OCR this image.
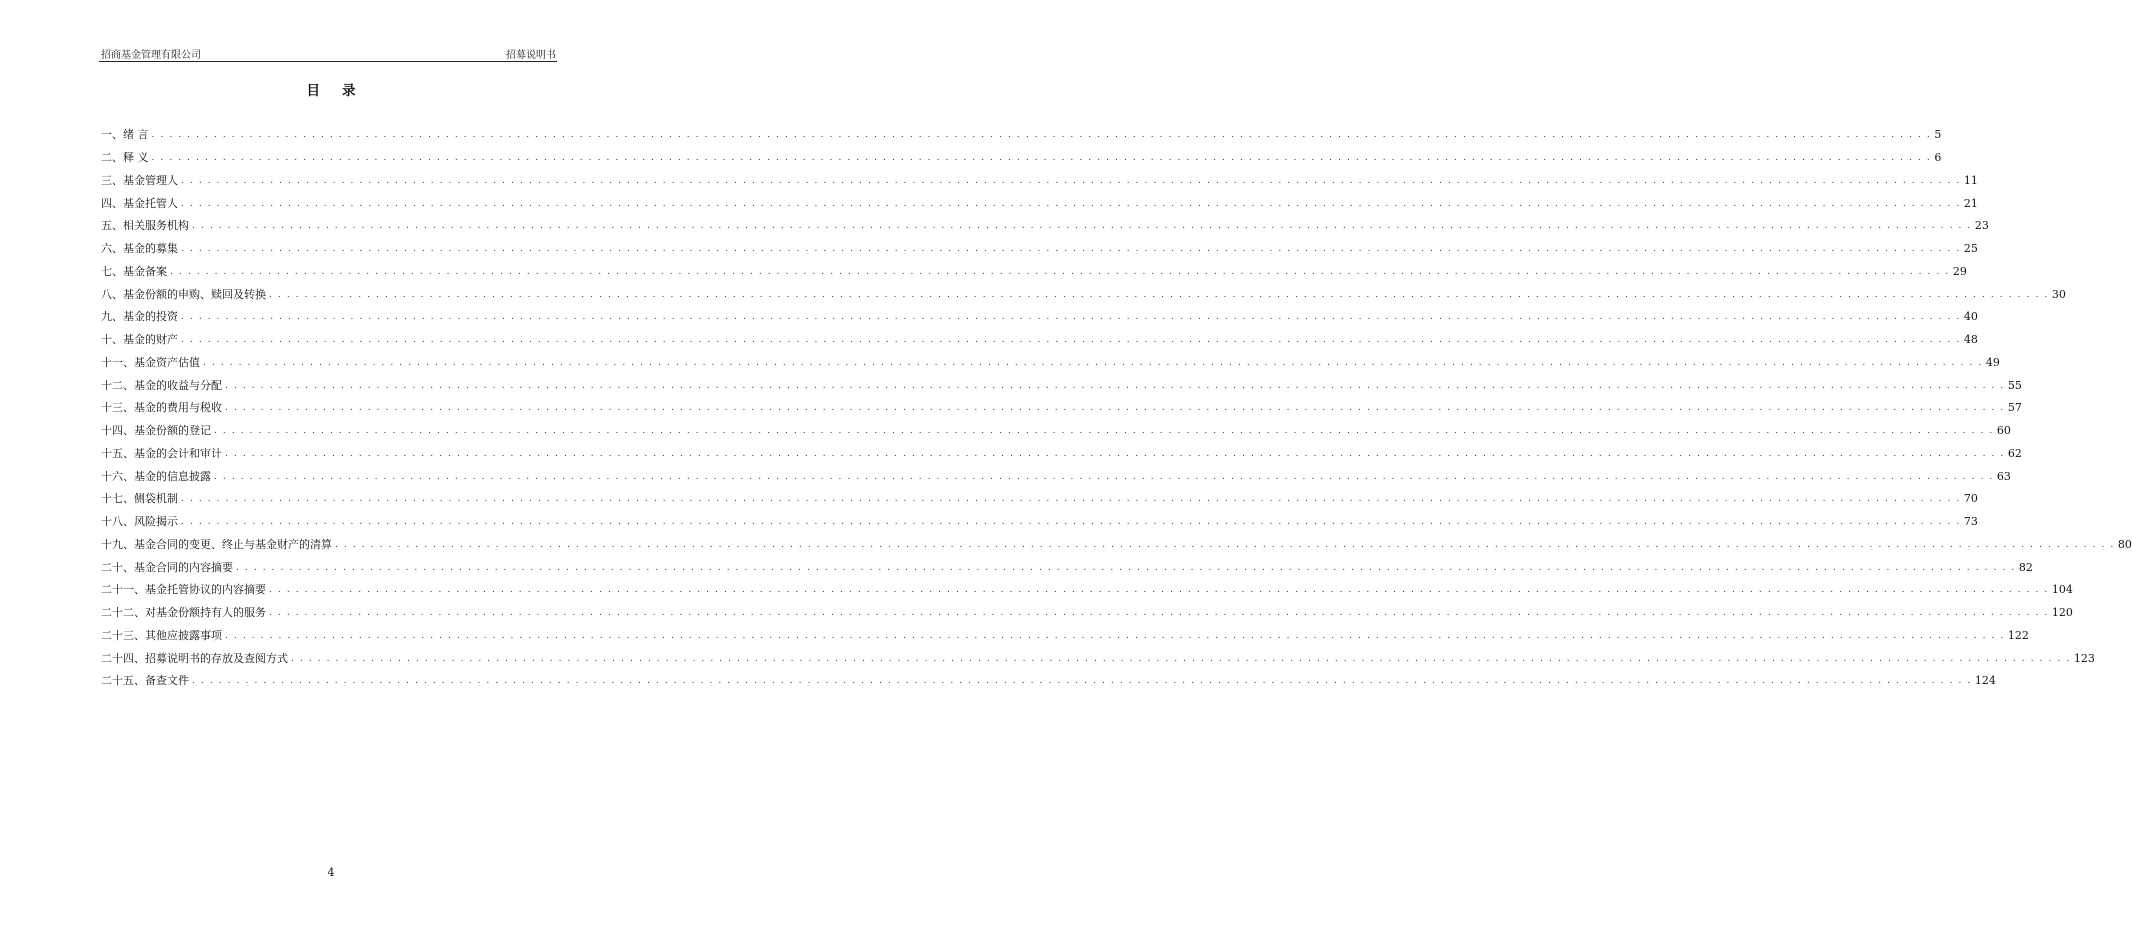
招商基金管理有限公司	招募说明书
目录
一、绪 言 . . . . . . . . . . . . . . . . . . . . . . . . . . . . . . . . . . . . . . . . . . . . . . . . . . . . . . . . . . . . . . . . . . . . . . . . . . . . . . . . . . . . . . . . . . . . . . . . . . . . . . . . . . . . . . . . . . . . . . . . . . . . . . . . . . . . . . . . . . . . . . . . . . . . . . . . . . . . . . . . . . . . . . . . . . . . . . . . . . . . . . . . . . . . . . . . . . . . . . . . 5
二、释 义 . . . . . . . . . . . . . . . . . . . . . . . . . . . . . . . . . . . . . . . . . . . . . . . . . . . . . . . . . . . . . . . . . . . . . . . . . . . . . . . . . . . . . . . . . . . . . . . . . . . . . . . . . . . . . . . . . . . . . . . . . . . . . . . . . . . . . . . . . . . . . . . . . . . . . . . . . . . . . . . . . . . . . . . . . . . . . . . . . . . . . . . . . . . . . . . . . . . . . . . . 6
三、基金管理人 . . . . . . . . . . . . . . . . . . . . . . . . . . . . . . . . . . . . . . . . . . . . . . . . . . . . . . . . . . . . . . . . . . . . . . . . . . . . . . . . . . . . . . . . . . . . . . . . . . . . . . . . . . . . . . . . . . . . . . . . . . . . . . . . . . . . . . . . . . . . . . . . . . . . . . . . . . . . . . . . . . . . . . . . . . . . . . . . . . . . . . . . . . . . . . . . . . . . . . . . 11
四、基金托管人 . . . . . . . . . . . . . . . . . . . . . . . . . . . . . . . . . . . . . . . . . . . . . . . . . . . . . . . . . . . . . . . . . . . . . . . . . . . . . . . . . . . . . . . . . . . . . . . . . . . . . . . . . . . . . . . . . . . . . . . . . . . . . . . . . . . . . . . . . . . . . . . . . . . . . . . . . . . . . . . . . . . . . . . . . . . . . . . . . . . . . . . . . . . . . . . . . . . . . . . . 21
五、相关服务机构 . . . . . . . . . . . . . . . . . . . . . . . . . . . . . . . . . . . . . . . . . . . . . . . . . . . . . . . . . . . . . . . . . . . . . . . . . . . . . . . . . . . . . . . . . . . . . . . . . . . . . . . . . . . . . . . . . . . . . . . . . . . . . . . . . . . . . . . . . . . . . . . . . . . . . . . . . . . . . . . . . . . . . . . . . . . . . . . . . . . . . . . . . . . . . . . . . . . . . . . . 23
六、基金的募集 . . . . . . . . . . . . . . . . . . . . . . . . . . . . . . . . . . . . . . . . . . . . . . . . . . . . . . . . . . . . . . . . . . . . . . . . . . . . . . . . . . . . . . . . . . . . . . . . . . . . . . . . . . . . . . . . . . . . . . . . . . . . . . . . . . . . . . . . . . . . . . . . . . . . . . . . . . . . . . . . . . . . . . . . . . . . . . . . . . . . . . . . . . . . . . . . . . . . . . . . 25
七、基金备案 . . . . . . . . . . . . . . . . . . . . . . . . . . . . . . . . . . . . . . . . . . . . . . . . . . . . . . . . . . . . . . . . . . . . . . . . . . . . . . . . . . . . . . . . . . . . . . . . . . . . . . . . . . . . . . . . . . . . . . . . . . . . . . . . . . . . . . . . . . . . . . . . . . . . . . . . . . . . . . . . . . . . . . . . . . . . . . . . . . . . . . . . . . . . . . . . . . . . . . . . 29
八、基金份额的申购、赎回及转换 . . . . . . . . . . . . . . . . . . . . . . . . . . . . . . . . . . . . . . . . . . . . . . . . . . . . . . . . . . . . . . . . . . . . . . . . . . . . . . . . . . . . . . . . . . . . . . . . . . . . . . . . . . . . . . . . . . . . . . . . . . . . . . . . . . . . . . . . . . . . . . . . . . . . . . . . . . . . . . . . . . . . . . . . . . . . . . . . . . . . . . . . . . . . . . . . . . . . . . . . 30
九、基金的投资 . . . . . . . . . . . . . . . . . . . . . . . . . . . . . . . . . . . . . . . . . . . . . . . . . . . . . . . . . . . . . . . . . . . . . . . . . . . . . . . . . . . . . . . . . . . . . . . . . . . . . . . . . . . . . . . . . . . . . . . . . . . . . . . . . . . . . . . . . . . . . . . . . . . . . . . . . . . . . . . . . . . . . . . . . . . . . . . . . . . . . . . . . . . . . . . . . . . . . . . . 40
十、基金的财产 . . . . . . . . . . . . . . . . . . . . . . . . . . . . . . . . . . . . . . . . . . . . . . . . . . . . . . . . . . . . . . . . . . . . . . . . . . . . . . . . . . . . . . . . . . . . . . . . . . . . . . . . . . . . . . . . . . . . . . . . . . . . . . . . . . . . . . . . . . . . . . . . . . . . . . . . . . . . . . . . . . . . . . . . . . . . . . . . . . . . . . . . . . . . . . . . . . . . . . . . 48
十一、基金资产估值 . . . . . . . . . . . . . . . . . . . . . . . . . . . . . . . . . . . . . . . . . . . . . . . . . . . . . . . . . . . . . . . . . . . . . . . . . . . . . . . . . . . . . . . . . . . . . . . . . . . . . . . . . . . . . . . . . . . . . . . . . . . . . . . . . . . . . . . . . . . . . . . . . . . . . . . . . . . . . . . . . . . . . . . . . . . . . . . . . . . . . . . . . . . . . . . . . . . . . . . . 49
十二、基金的收益与分配 . . . . . . . . . . . . . . . . . . . . . . . . . . . . . . . . . . . . . . . . . . . . . . . . . . . . . . . . . . . . . . . . . . . . . . . . . . . . . . . . . . . . . . . . . . . . . . . . . . . . . . . . . . . . . . . . . . . . . . . . . . . . . . . . . . . . . . . . . . . . . . . . . . . . . . . . . . . . . . . . . . . . . . . . . . . . . . . . . . . . . . . . . . . . . . . . . . . . . . . . 55
十三、基金的费用与税收 . . . . . . . . . . . . . . . . . . . . . . . . . . . . . . . . . . . . . . . . . . . . . . . . . . . . . . . . . . . . . . . . . . . . . . . . . . . . . . . . . . . . . . . . . . . . . . . . . . . . . . . . . . . . . . . . . . . . . . . . . . . . . . . . . . . . . . . . . . . . . . . . . . . . . . . . . . . . . . . . . . . . . . . . . . . . . . . . . . . . . . . . . . . . . . . . . . . . . . . . 57
十四、基金份额的登记 . . . . . . . . . . . . . . . . . . . . . . . . . . . . . . . . . . . . . . . . . . . . . . . . . . . . . . . . . . . . . . . . . . . . . . . . . . . . . . . . . . . . . . . . . . . . . . . . . . . . . . . . . . . . . . . . . . . . . . . . . . . . . . . . . . . . . . . . . . . . . . . . . . . . . . . . . . . . . . . . . . . . . . . . . . . . . . . . . . . . . . . . . . . . . . . . . . . . . . . . 60
十五、基金的会计和审计 . . . . . . . . . . . . . . . . . . . . . . . . . . . . . . . . . . . . . . . . . . . . . . . . . . . . . . . . . . . . . . . . . . . . . . . . . . . . . . . . . . . . . . . . . . . . . . . . . . . . . . . . . . . . . . . . . . . . . . . . . . . . . . . . . . . . . . . . . . . . . . . . . . . . . . . . . . . . . . . . . . . . . . . . . . . . . . . . . . . . . . . . . . . . . . . . . . . . . . . . 62
十六、基金的信息披露 . . . . . . . . . . . . . . . . . . . . . . . . . . . . . . . . . . . . . . . . . . . . . . . . . . . . . . . . . . . . . . . . . . . . . . . . . . . . . . . . . . . . . . . . . . . . . . . . . . . . . . . . . . . . . . . . . . . . . . . . . . . . . . . . . . . . . . . . . . . . . . . . . . . . . . . . . . . . . . . . . . . . . . . . . . . . . . . . . . . . . . . . . . . . . . . . . . . . . . . . 63
十七、侧袋机制 . . . . . . . . . . . . . . . . . . . . . . . . . . . . . . . . . . . . . . . . . . . . . . . . . . . . . . . . . . . . . . . . . . . . . . . . . . . . . . . . . . . . . . . . . . . . . . . . . . . . . . . . . . . . . . . . . . . . . . . . . . . . . . . . . . . . . . . . . . . . . . . . . . . . . . . . . . . . . . . . . . . . . . . . . . . . . . . . . . . . . . . . . . . . . . . . . . . . . . . . 70
十八、风险揭示 . . . . . . . . . . . . . . . . . . . . . . . . . . . . . . . . . . . . . . . . . . . . . . . . . . . . . . . . . . . . . . . . . . . . . . . . . . . . . . . . . . . . . . . . . . . . . . . . . . . . . . . . . . . . . . . . . . . . . . . . . . . . . . . . . . . . . . . . . . . . . . . . . . . . . . . . . . . . . . . . . . . . . . . . . . . . . . . . . . . . . . . . . . . . . . . . . . . . . . . . 73
十九、基金合同的变更、终止与基金财产的清算 . . . . . . . . . . . . . . . . . . . . . . . . . . . . . . . . . . . . . . . . . . . . . . . . . . . . . . . . . . . . . . . . . . . . . . . . . . . . . . . . . . . . . . . . . . . . . . . . . . . . . . . . . . . . . . . . . . . . . . . . . . . . . . . . . . . . . . . . . . . . . . . . . . . . . . . . . . . . . . . . . . . . . . . . . . . . . . . . . . . . . . . . . . . . . . . . . . . . . . . . 80
二十、基金合同的内容摘要 . . . . . . . . . . . . . . . . . . . . . . . . . . . . . . . . . . . . . . . . . . . . . . . . . . . . . . . . . . . . . . . . . . . . . . . . . . . . . . . . . . . . . . . . . . . . . . . . . . . . . . . . . . . . . . . . . . . . . . . . . . . . . . . . . . . . . . . . . . . . . . . . . . . . . . . . . . . . . . . . . . . . . . . . . . . . . . . . . . . . . . . . . . . . . . . . . . . . . . . . 82
二十一、基金托管协议的内容摘要 . . . . . . . . . . . . . . . . . . . . . . . . . . . . . . . . . . . . . . . . . . . . . . . . . . . . . . . . . . . . . . . . . . . . . . . . . . . . . . . . . . . . . . . . . . . . . . . . . . . . . . . . . . . . . . . . . . . . . . . . . . . . . . . . . . . . . . . . . . . . . . . . . . . . . . . . . . . . . . . . . . . . . . . . . . . . . . . . . . . . . . . . . . . . . . . . . . . . . . . . 104
二十二、对基金份额持有人的服务 . . . . . . . . . . . . . . . . . . . . . . . . . . . . . . . . . . . . . . . . . . . . . . . . . . . . . . . . . . . . . . . . . . . . . . . . . . . . . . . . . . . . . . . . . . . . . . . . . . . . . . . . . . . . . . . . . . . . . . . . . . . . . . . . . . . . . . . . . . . . . . . . . . . . . . . . . . . . . . . . . . . . . . . . . . . . . . . . . . . . . . . . . . . . . . . . . . . . . . . . 120
二十三、其他应披露事项 . . . . . . . . . . . . . . . . . . . . . . . . . . . . . . . . . . . . . . . . . . . . . . . . . . . . . . . . . . . . . . . . . . . . . . . . . . . . . . . . . . . . . . . . . . . . . . . . . . . . . . . . . . . . . . . . . . . . . . . . . . . . . . . . . . . . . . . . . . . . . . . . . . . . . . . . . . . . . . . . . . . . . . . . . . . . . . . . . . . . . . . . . . . . . . . . . . . . . . . . 122
二十四、招募说明书的存放及查阅方式 . . . . . . . . . . . . . . . . . . . . . . . . . . . . . . . . . . . . . . . . . . . . . . . . . . . . . . . . . . . . . . . . . . . . . . . . . . . . . . . . . . . . . . . . . . . . . . . . . . . . . . . . . . . . . . . . . . . . . . . . . . . . . . . . . . . . . . . . . . . . . . . . . . . . . . . . . . . . . . . . . . . . . . . . . . . . . . . . . . . . . . . . . . . . . . . . . . . . . . . . 123
二十五、备查文件 . . . . . . . . . . . . . . . . . . . . . . . . . . . . . . . . . . . . . . . . . . . . . . . . . . . . . . . . . . . . . . . . . . . . . . . . . . . . . . . . . . . . . . . . . . . . . . . . . . . . . . . . . . . . . . . . . . . . . . . . . . . . . . . . . . . . . . . . . . . . . . . . . . . . . . . . . . . . . . . . . . . . . . . . . . . . . . . . . . . . . . . . . . . . . . . . . . . . . . . . 124
4
